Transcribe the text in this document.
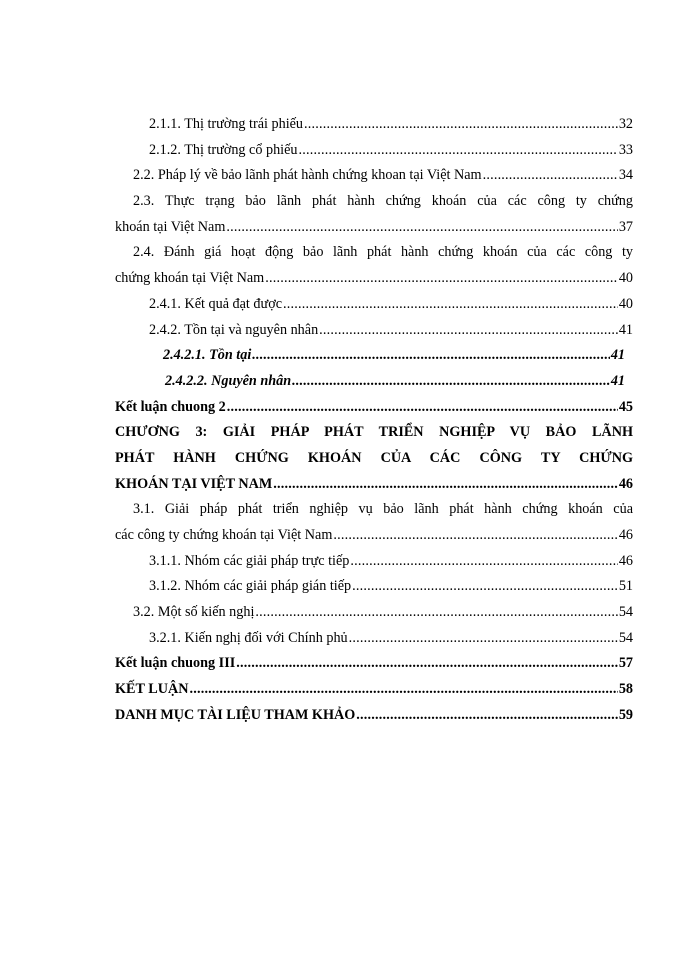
2.1.1. Thị trường trái phiếu .....	32
2.1.2. Thị trường cổ phiếu .....	33
2.2. Pháp lý về bảo lãnh phát hành chứng khoan tại Việt Nam .....	34
2.3. Thực trạng bảo lãnh phát hành chứng khoán của các công ty chứng
khoán tại Việt Nam .....	37
2.4. Đánh giá hoạt động bảo lãnh phát hành chứng khoán của các công ty
chứng khoán tại Việt Nam .....	40
2.4.1. Kết quả đạt được .....	40
2.4.2. Tồn tại và nguyên nhân .....	41
2.4.2.1. Tồn tại .....	41
2.4.2.2. Nguyên nhân .....	41
Kết luận chuong 2 .....	45
CHƯƠNG 3: GIẢI PHÁP PHÁT TRIỂN NGHIỆP VỤ BẢO LÃNH
PHÁT HÀNH CHỨNG KHOÁN CỦA CÁC CÔNG TY CHỨNG
KHOÁN TẠI VIỆT NAM .....	46
3.1. Giải pháp phát triển nghiệp vụ bảo lãnh phát hành chứng khoán của
các công ty chứng khoán tại Việt Nam .....	46
3.1.1. Nhóm các giải pháp trực tiếp .....	46
3.1.2. Nhóm các giải pháp gián tiếp .....	51
3.2. Một số kiến nghị .....	54
3.2.1. Kiến nghị đối với Chính phủ .....	54
Kết luận chuong III .....	57
KẾT LUẬN .....	58
DANH MỤC TÀI LIỆU THAM KHẢO .....	59
